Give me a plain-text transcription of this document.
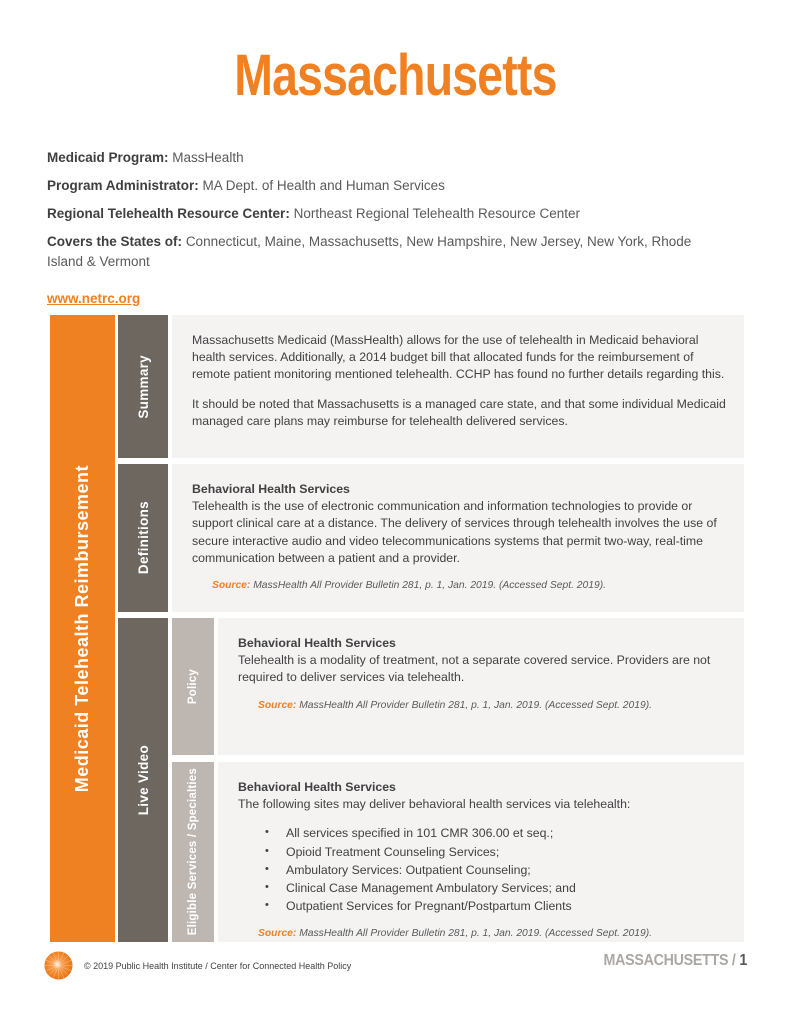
Massachusetts
Medicaid Program: MassHealth
Program Administrator: MA Dept. of Health and Human Services
Regional Telehealth Resource Center: Northeast Regional Telehealth Resource Center
Covers the States of: Connecticut, Maine, Massachusetts, New Hampshire, New Jersey, New York, Rhode Island & Vermont
www.netrc.org
Medicaid Telehealth Reimbursement
Summary
Definitions
Live Video
Policy
Eligible Services / Specialties

Massachusetts Medicaid (MassHealth) allows for the use of telehealth in Medicaid behavioral health services. Additionally, a 2014 budget bill that allocated funds for the reimbursement of remote patient monitoring mentioned telehealth. CCHP has found no further details regarding this.

It should be noted that Massachusetts is a managed care state, and that some individual Medicaid managed care plans may reimburse for telehealth delivered services.

Behavioral Health Services

Telehealth is the use of electronic communication and information technologies to provide or support clinical care at a distance. The delivery of services through telehealth involves the use of secure interactive audio and video telecommunications systems that permit two-way, real-time communication between a patient and a provider.

Source: MassHealth All Provider Bulletin 281, p. 1, Jan. 2019. (Accessed Sept. 2019).

Behavioral Health Services

Telehealth is a modality of treatment, not a separate covered service. Providers are not required to deliver services via telehealth.

Source: MassHealth All Provider Bulletin 281, p. 1, Jan. 2019. (Accessed Sept. 2019).

Behavioral Health Services

The following sites may deliver behavioral health services via telehealth:

• All services specified in 101 CMR 306.00 et seq.;
• Opioid Treatment Counseling Services;
• Ambulatory Services: Outpatient Counseling;
• Clinical Case Management Ambulatory Services; and
• Outpatient Services for Pregnant/Postpartum Clients
Source: MassHealth All Provider Bulletin 281, p. 1, Jan. 2019. (Accessed Sept. 2019).
© 2019 Public Health Institute / Center for Connected Health Policy	MASSACHUSETTS / 1
